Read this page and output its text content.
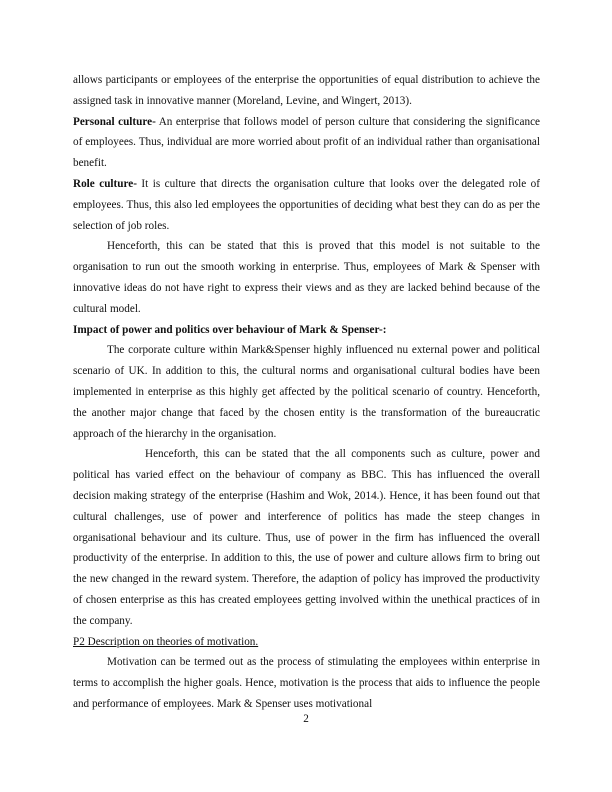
allows participants or employees of the enterprise the opportunities of equal distribution to achieve the assigned task in innovative manner (Moreland, Levine, and Wingert, 2013).

Personal culture- An enterprise that follows model of person culture that considering the significance of employees. Thus, individual are more worried about profit of an individual rather than organisational benefit.

Role culture- It is culture that directs the organisation culture that looks over the delegated role of employees. Thus, this also led employees the opportunities of deciding what best they can do as per the selection of job roles.

Henceforth, this can be stated that this is proved that this model is not suitable to the organisation to run out the smooth working in enterprise. Thus, employees of Mark & Spenser with innovative ideas do not have right to express their views and as they are lacked behind because of the cultural model.

Impact of power and politics over behaviour of Mark & Spenser-:

The corporate culture within Mark&Spenser highly influenced nu external power and political scenario of UK. In addition to this, the cultural norms and organisational cultural bodies have been implemented in enterprise as this highly get affected by the political scenario of country. Henceforth, the another major change that faced by the chosen entity is the transformation of the bureaucratic approach of the hierarchy in the organisation.

Henceforth, this can be stated that the all components such as culture, power and political has varied effect on the behaviour of company as BBC. This has influenced the overall decision making strategy of the enterprise (Hashim and Wok, 2014.). Hence, it has been found out that cultural challenges, use of power and interference of politics has made the steep changes in organisational behaviour and its culture. Thus, use of power in the firm has influenced the overall productivity of the enterprise. In addition to this, the use of power and culture allows firm to bring out the new changed in the reward system. Therefore, the adaption of policy has improved the productivity of chosen enterprise as this has created employees getting involved within the unethical practices of in the company.

P2 Description on theories of motivation.

Motivation can be termed out as the process of stimulating the employees within enterprise in terms to accomplish the higher goals. Hence, motivation is the process that aids to influence the people and performance of employees. Mark & Spenser uses motivational

2
